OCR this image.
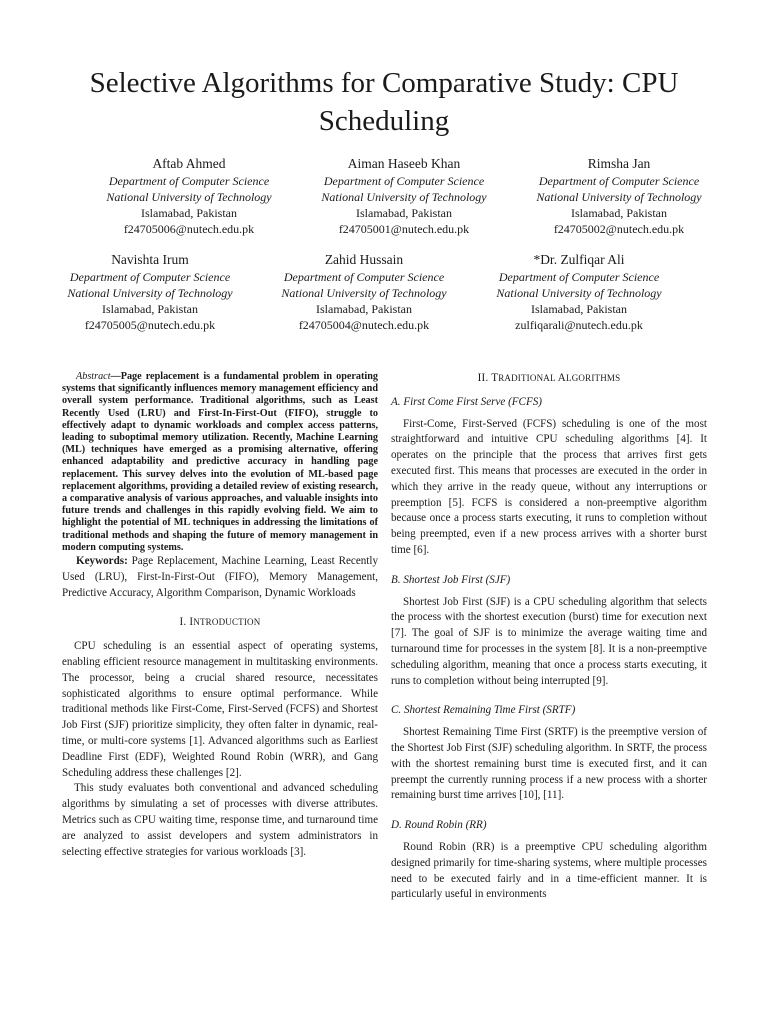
Selective Algorithms for Comparative Study: CPU Scheduling
Aftab Ahmed
Department of Computer Science
National University of Technology
Islamabad, Pakistan
f24705006@nutech.edu.pk
Aiman Haseeb Khan
Department of Computer Science
National University of Technology
Islamabad, Pakistan
f24705001@nutech.edu.pk
Rimsha Jan
Department of Computer Science
National University of Technology
Islamabad, Pakistan
f24705002@nutech.edu.pk
Navishta Irum
Department of Computer Science
National University of Technology
Islamabad, Pakistan
f24705005@nutech.edu.pk
Zahid Hussain
Department of Computer Science
National University of Technology
Islamabad, Pakistan
f24705004@nutech.edu.pk
*Dr. Zulfiqar Ali
Department of Computer Science
National University of Technology
Islamabad, Pakistan
zulfiqarali@nutech.edu.pk

Abstract—Page replacement is a fundamental problem in operating systems that significantly influences memory management efficiency and overall system performance. Traditional algorithms, such as Least Recently Used (LRU) and First-In-First-Out (FIFO), struggle to effectively adapt to dynamic workloads and complex access patterns, leading to suboptimal memory utilization. Recently, Machine Learning (ML) techniques have emerged as a promising alternative, offering enhanced adaptability and predictive accuracy in handling page replacement. This survey delves into the evolution of ML-based page replacement algorithms, providing a detailed review of existing research, a comparative analysis of various approaches, and valuable insights into future trends and challenges in this rapidly evolving field. We aim to highlight the potential of ML techniques in addressing the limitations of traditional methods and shaping the future of memory management in modern computing systems.

Keywords: Page Replacement, Machine Learning, Least Recently Used (LRU), First-In-First-Out (FIFO), Memory Management, Predictive Accuracy, Algorithm Comparison, Dynamic Workloads

I. INTRODUCTION

CPU scheduling is an essential aspect of operating systems, enabling efficient resource management in multitasking environments. The processor, being a crucial shared resource, necessitates sophisticated algorithms to ensure optimal performance. While traditional methods like First-Come, First-Served (FCFS) and Shortest Job First (SJF) prioritize simplicity, they often falter in dynamic, real-time, or multi-core systems [1]. Advanced algorithms such as Earliest Deadline First (EDF), Weighted Round Robin (WRR), and Gang Scheduling address these challenges [2].

This study evaluates both conventional and advanced scheduling algorithms by simulating a set of processes with diverse attributes. Metrics such as CPU waiting time, response time, and turnaround time are analyzed to assist developers and system administrators in selecting effective strategies for various workloads [3].

II. TRADITIONAL ALGORITHMS
A. First Come First Serve (FCFS)

First-Come, First-Served (FCFS) scheduling is one of the most straightforward and intuitive CPU scheduling algorithms [4]. It operates on the principle that the process that arrives first gets executed first. This means that processes are executed in the order in which they arrive in the ready queue, without any interruptions or preemption [5]. FCFS is considered a non-preemptive algorithm because once a process starts executing, it runs to completion without being preempted, even if a new process arrives with a shorter burst time [6].

B. Shortest Job First (SJF)

Shortest Job First (SJF) is a CPU scheduling algorithm that selects the process with the shortest execution (burst) time for execution next [7]. The goal of SJF is to minimize the average waiting time and turnaround time for processes in the system [8]. It is a non-preemptive scheduling algorithm, meaning that once a process starts executing, it runs to completion without being interrupted [9].

C. Shortest Remaining Time First (SRTF)

Shortest Remaining Time First (SRTF) is the preemptive version of the Shortest Job First (SJF) scheduling algorithm. In SRTF, the process with the shortest remaining burst time is executed first, and it can preempt the currently running process if a new process with a shorter remaining burst time arrives [10], [11].

D. Round Robin (RR)

Round Robin (RR) is a preemptive CPU scheduling algorithm designed primarily for time-sharing systems, where multiple processes need to be executed fairly and in a time-efficient manner. It is particularly useful in environments
